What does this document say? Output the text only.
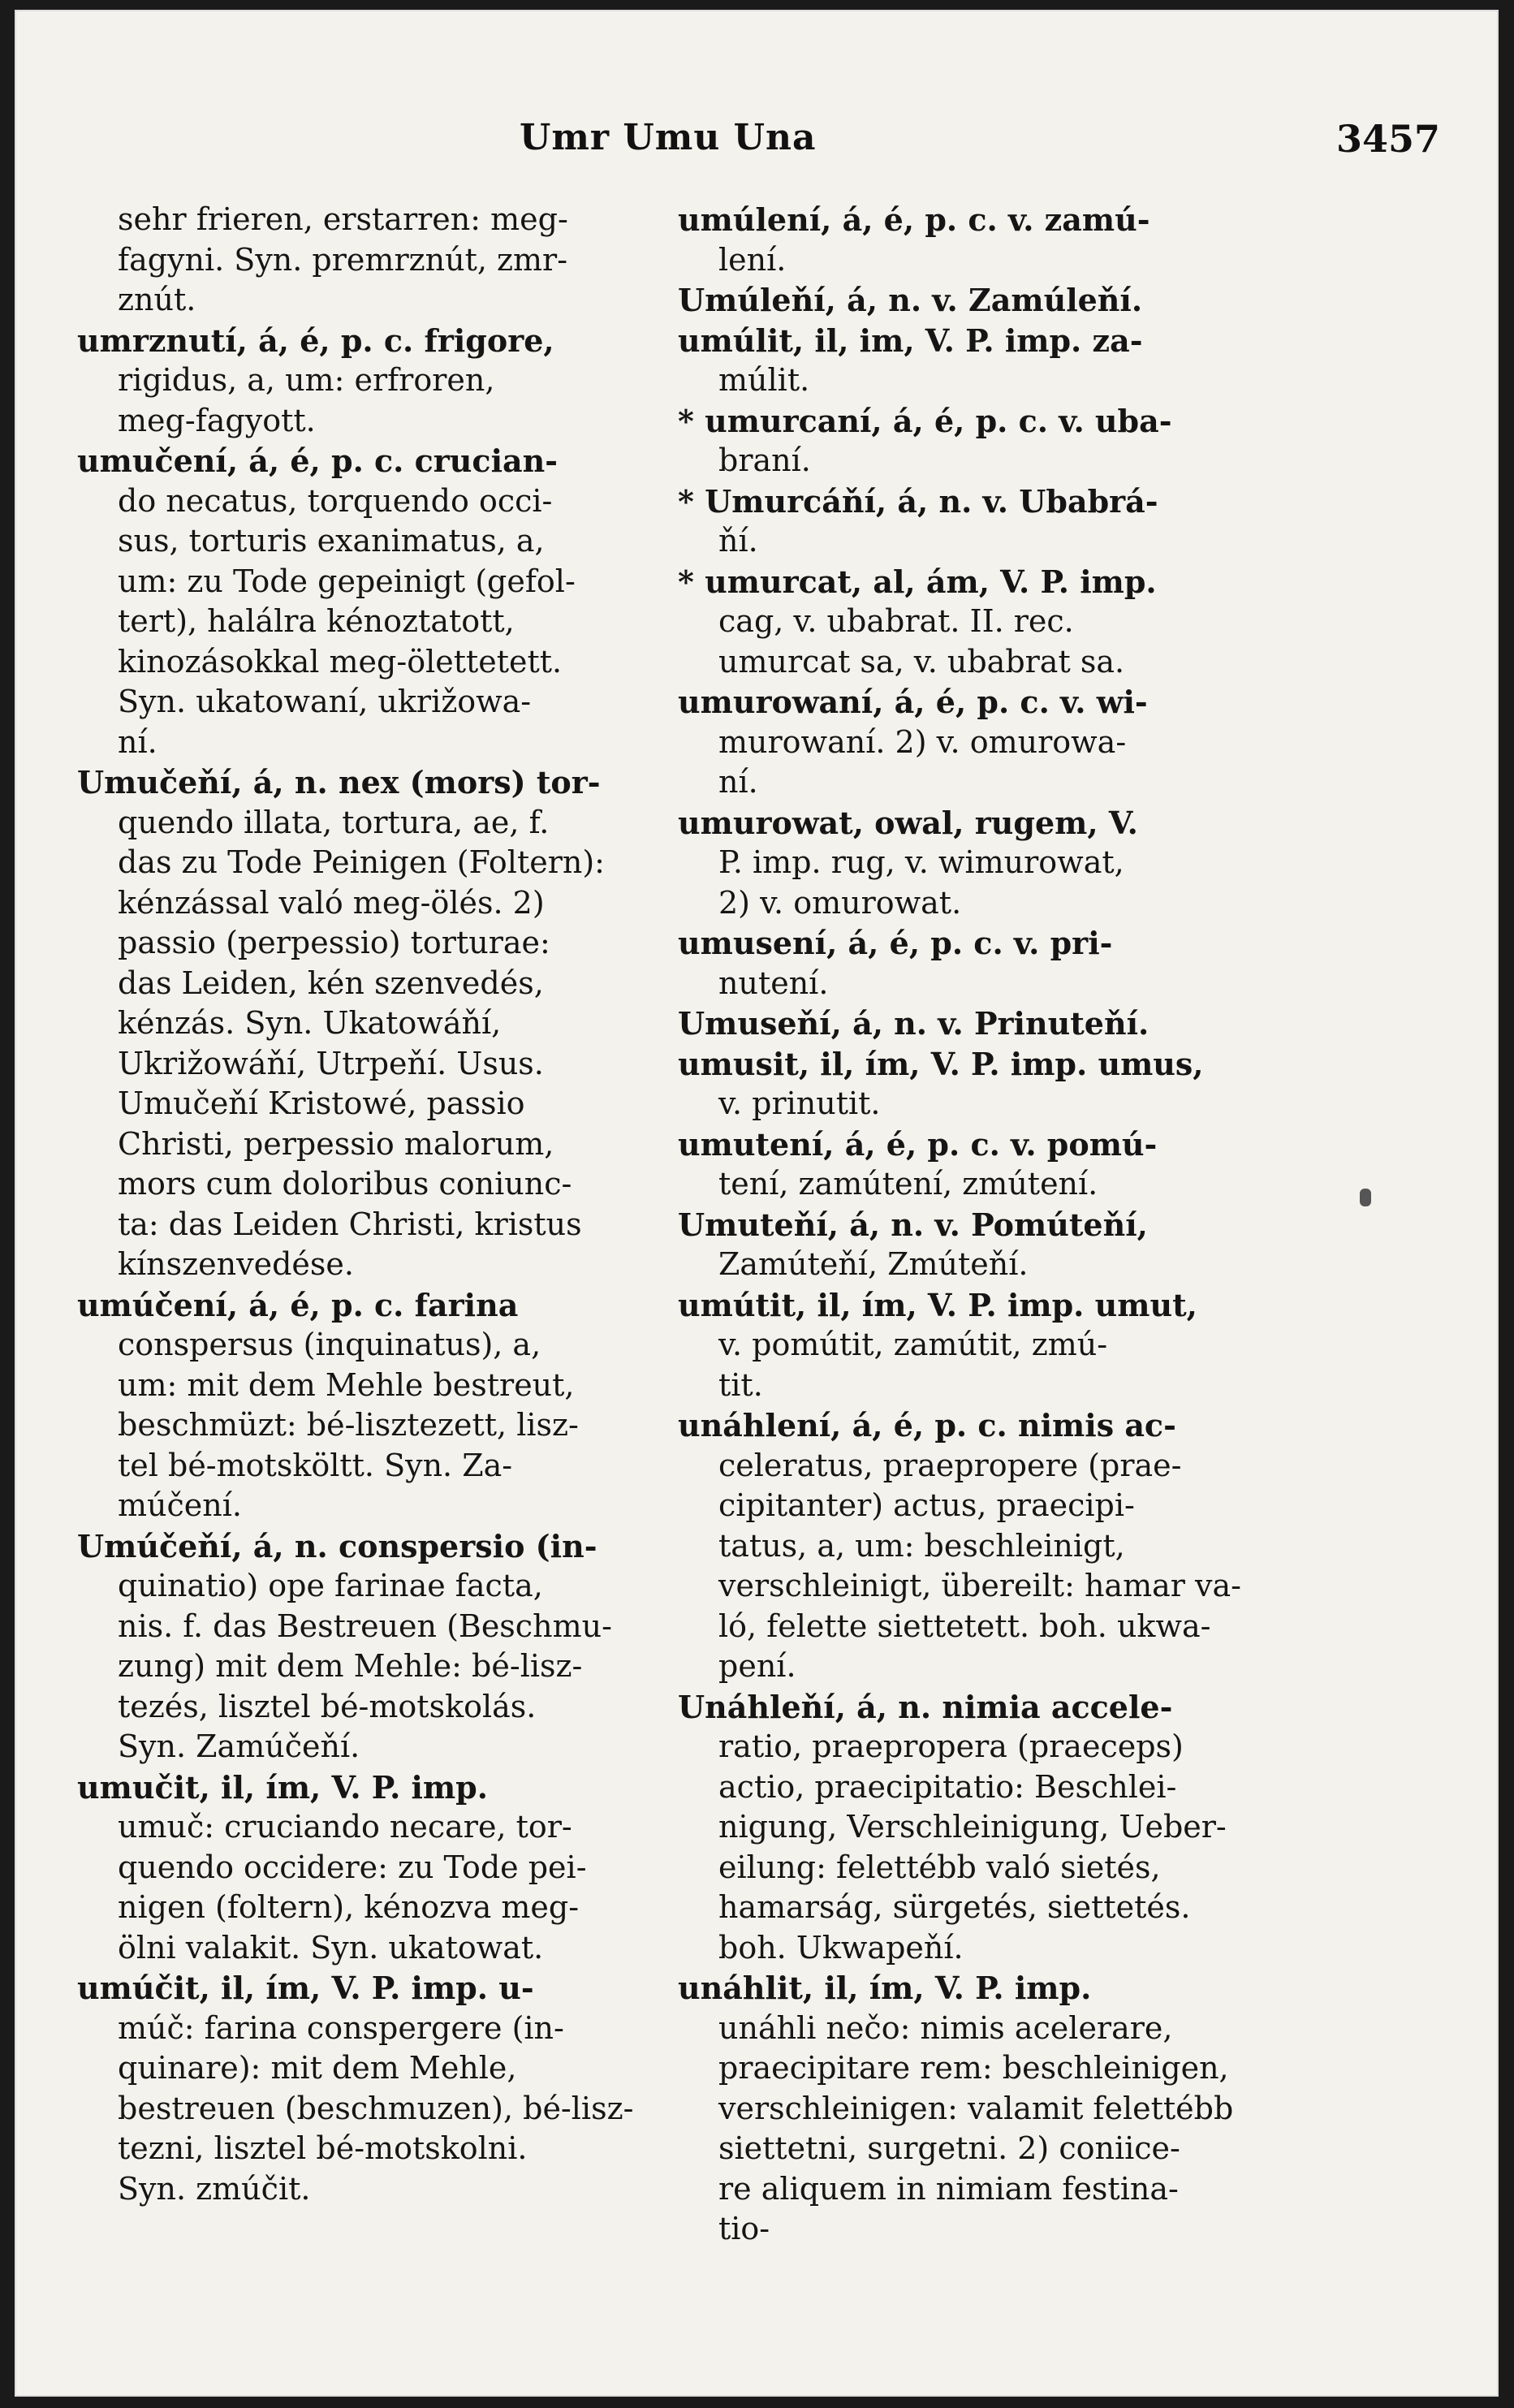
Umr Umu Una	3457
sehr frieren, erstarren: meg-
fagyni. Syn. premrznút, zmr-
znút.
umrznutí, á, é, p. c. frigore,
rigidus, a, um: erfroren,
meg-fagyott.
umučení, á, é, p. c. crucian-
do necatus, torquendo occi-
sus, torturis exanimatus, a,
um: zu Tode gepeinigt (gefol-
tert), halálra kénoztatott,
kinozásokkal meg-ölettetett.
Syn. ukatowaní, ukrižowa-
ní.
Umučeňí, á, n. nex (mors) tor-
quendo illata, tortura, ae, f.
das zu Tode Peinigen (Foltern):
kénzással való meg-ölés. 2)
passio (perpessio) torturae:
das Leiden, kén szenvedés,
kénzás. Syn. Ukatowáňí,
Ukrižowáňí, Utrpeňí. Usus.
Umučeňí Kristowé, passio
Christi, perpessio malorum,
mors cum doloribus coniunc-
ta: das Leiden Christi, kristus
kínszenvedése.
umúčení, á, é, p. c. farina
conspersus (inquinatus), a,
um: mit dem Mehle bestreut,
beschmüzt: bé-lisztezett, lisz-
tel bé-motsköltt. Syn. Za-
múčení.
Umúčeňí, á, n. conspersio (in-
quinatio) ope farinae facta,
nis. f. das Bestreuen (Beschmu-
zung) mit dem Mehle: bé-lisz-
tezés, lisztel bé-motskolás.
Syn. Zamúčeňí.
umučit, il, ím, V. P. imp.
umuč: cruciando necare, tor-
quendo occidere: zu Tode pei-
nigen (foltern), kénozva meg-
ölni valakit. Syn. ukatowat.
umúčit, il, ím, V. P. imp. u-
múč: farina conspergere (in-
quinare): mit dem Mehle,
bestreuen (beschmuzen), bé-lisz-
tezni, lisztel bé-motskolni.
Syn. zmúčit.
umúlení, á, é, p. c. v. zamú-
lení.
Umúleňí, á, n. v. Zamúleňí.
umúlit, il, im, V. P. imp. za-
múlit.
* umurcaní, á, é, p. c. v. uba-
braní.
* Umurcáňí, á, n. v. Ubabrá-
ňí.
* umurcat, al, ám, V. P. imp.
cag, v. ubabrat. II. rec.
umurcat sa, v. ubabrat sa.
umurowaní, á, é, p. c. v. wi-
murowaní. 2) v. omurowa-
ní.
umurowat, owal, rugem, V.
P. imp. rug, v. wimurowat,
2) v. omurowat.
umusení, á, é, p. c. v. pri-
nutení.
Umuseňí, á, n. v. Prinuteňí.
umusit, il, ím, V. P. imp. umus,
v. prinutit.
umutení, á, é, p. c. v. pomú-
tení, zamútení, zmútení.
Umuteňí, á, n. v. Pomúteňí,
Zamúteňí, Zmúteňí.
umútit, il, ím, V. P. imp. umut,
v. pomútit, zamútit, zmú-
tit.
unáhlení, á, é, p. c. nimis ac-
celeratus, praepropere (prae-
cipitanter) actus, praecipi-
tatus, a, um: beschleinigt,
verschleinigt, übereilt: hamar va-
ló, felette siettetett. boh. ukwa-
pení.
Unáhleňí, á, n. nimia accele-
ratio, praepropera (praeceps)
actio, praecipitatio: Beschlei-
nigung, Verschleinigung, Ueber-
eilung: felettébb való sietés,
hamarság, sürgetés, siettetés.
boh. Ukwapeňí.
unáhlit, il, ím, V. P. imp.
unáhli nečo: nimis acelerare,
praecipitare rem: beschleinigen,
verschleinigen: valamit felettébb
siettetni, surgetni. 2) coniice-
re aliquem in nimiam festina-
tio-
